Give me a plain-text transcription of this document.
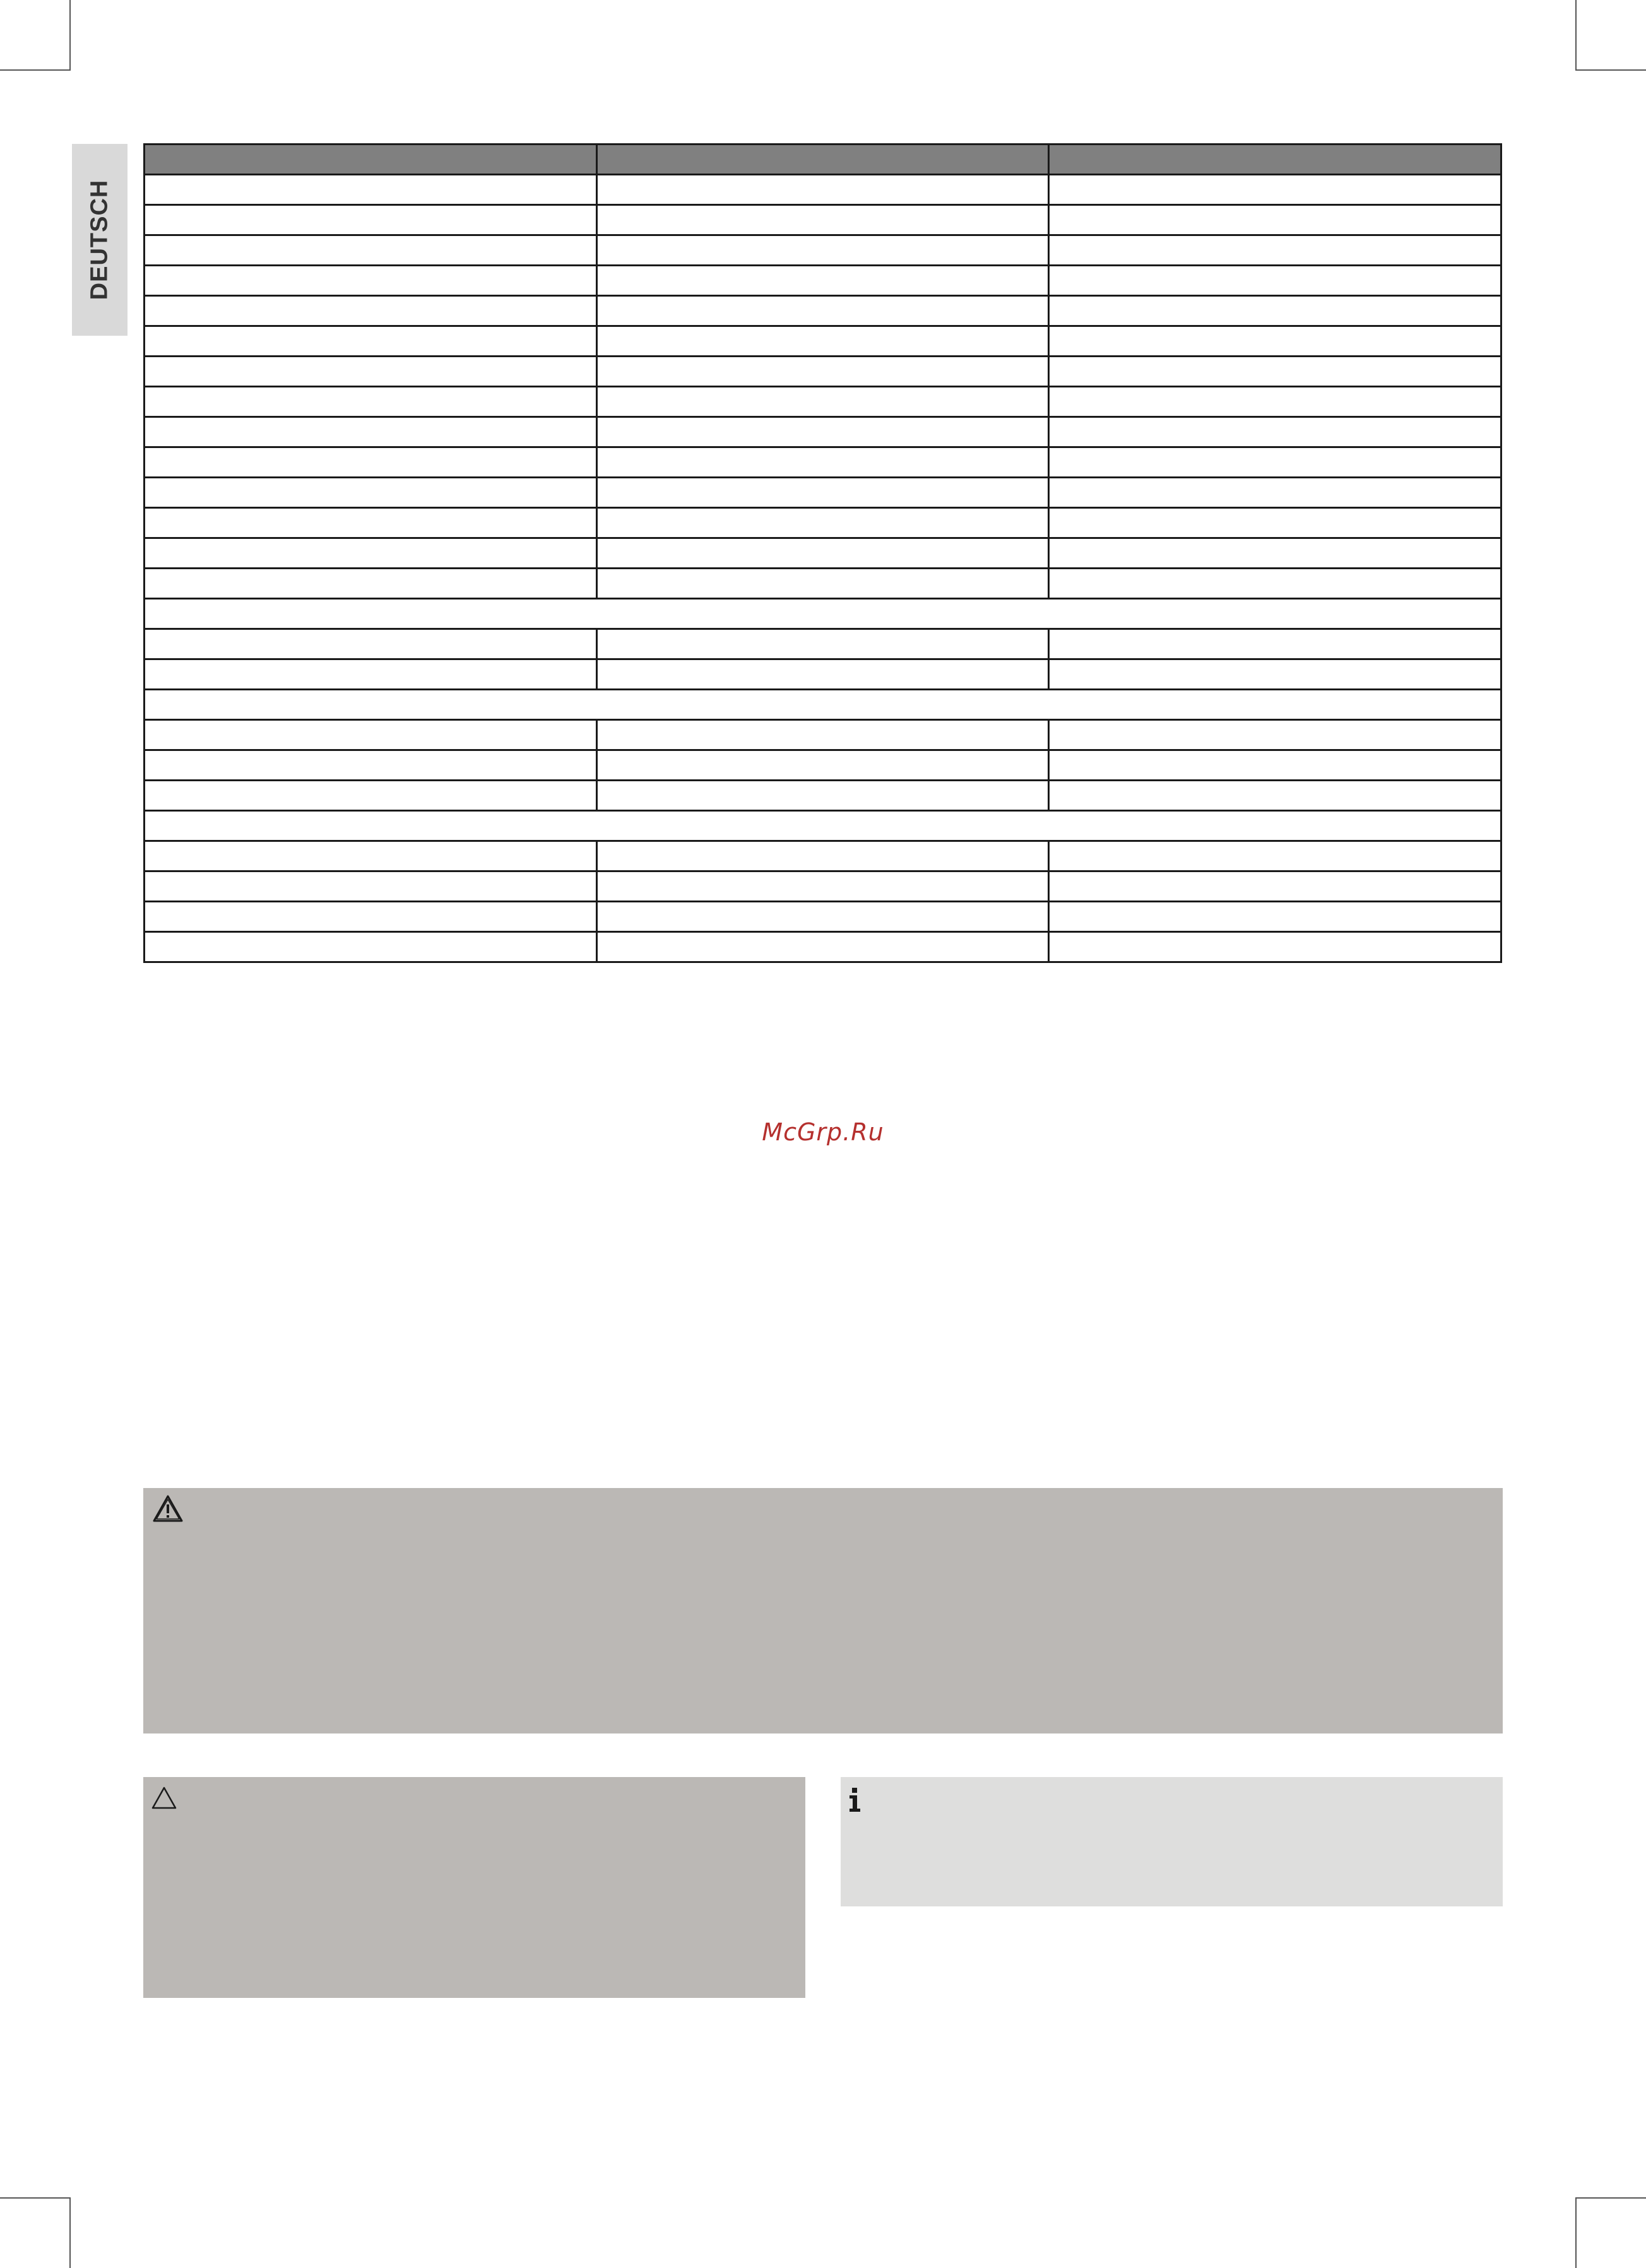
DEUTSCH

McGrp.Ru
